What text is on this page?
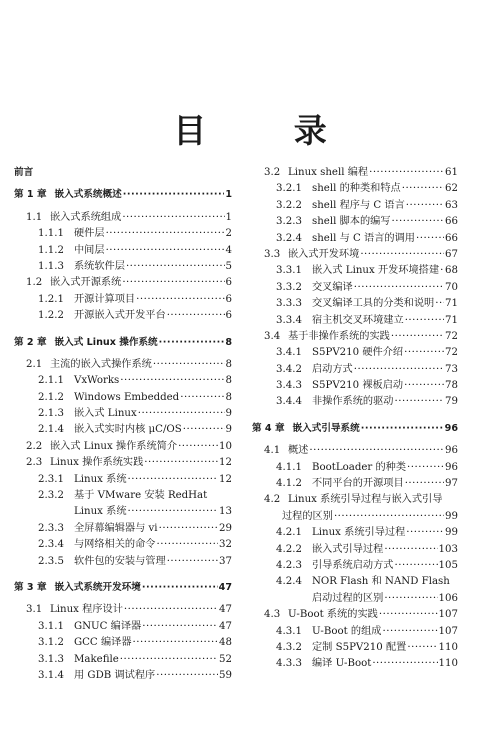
目 录
前言
第 1 章 嵌入式系统概述 ·····	1
1.1 嵌入式系统组成 ·····	1
1.1.1 硬件层 ·····	2
1.1.2 中间层 ·····	4
1.1.3 系统软件层 ·····	5
1.2 嵌入式开源系统 ·····	6
1.2.1 开源计算项目 ·····	6
1.2.2 开源嵌入式开发平台 ·····	6
第 2 章 嵌入式 Linux 操作系统 ·····	8
2.1 主流的嵌入式操作系统 ·····	8
2.1.1 VxWorks ·····	8
2.1.2 Windows Embedded ·····	8
2.1.3 嵌入式 Linux ·····	9
2.1.4 嵌入式实时内核 μC/OS ·····	9
2.2 嵌入式 Linux 操作系统简介 ·····	10
2.3 Linux 操作系统实践 ·····	12
2.3.1 Linux 系统 ·····	12
2.3.2 基于 VMware 安装 RedHat
Linux 系统 ·····	13
2.3.3 全屏幕编辑器与 vi ·····	29
2.3.4 与网络相关的命令 ·····	32
2.3.5 软件包的安装与管理 ·····	37
第 3 章 嵌入式系统开发环境 ·····	47
3.1 Linux 程序设计 ·····	47
3.1.1 GNUC 编译器 ·····	47
3.1.2 GCC 编译器 ·····	48
3.1.3 Makefile ·····	52
3.1.4 用 GDB 调试程序 ·····	59
3.2 Linux shell 编程 ·····	61
3.2.1 shell 的种类和特点 ·····	62
3.2.2 shell 程序与 C 语言 ·····	63
3.2.3 shell 脚本的编写 ·····	66
3.2.4 shell 与 C 语言的调用 ·····	66
3.3 嵌入式开发环境 ·····	67
3.3.1 嵌入式 Linux 开发环境搭建 ····· 68
3.3.2 交叉编译 ·····	70
3.3.3 交叉编译工具的分类和说明 ····· 71
3.3.4 宿主机交叉环境建立 ·····	71
3.4 基于非操作系统的实践 ·····	72
3.4.1 S5PV210 硬件介绍 ·····	72
3.4.2 启动方式 ·····	73
3.4.3 S5PV210 裸板启动 ·····	78
3.4.4 非操作系统的驱动 ·····	79
第 4 章 嵌入式引导系统 ·····	96
4.1 概述 ·····	96
4.1.1 BootLoader 的种类 ·····	96
4.1.2 不同平台的开源项目 ·····	97
4.2 Linux 系统引导过程与嵌入式引导
过程的区别 ·····	99
4.2.1 Linux 系统引导过程 ·····	99
4.2.2 嵌入式引导过程 ·····	103
4.2.3 引导系统启动方式 ·····	105
4.2.4 NOR Flash 和 NAND Flash
启动过程的区别 ·····	106
4.3 U-Boot 系统的实践 ·····	107
4.3.1 U-Boot 的组成 ·····	107
4.3.2 定制 S5PV210 配置 ·····	110
4.3.3 编译 U-Boot ·····	110
